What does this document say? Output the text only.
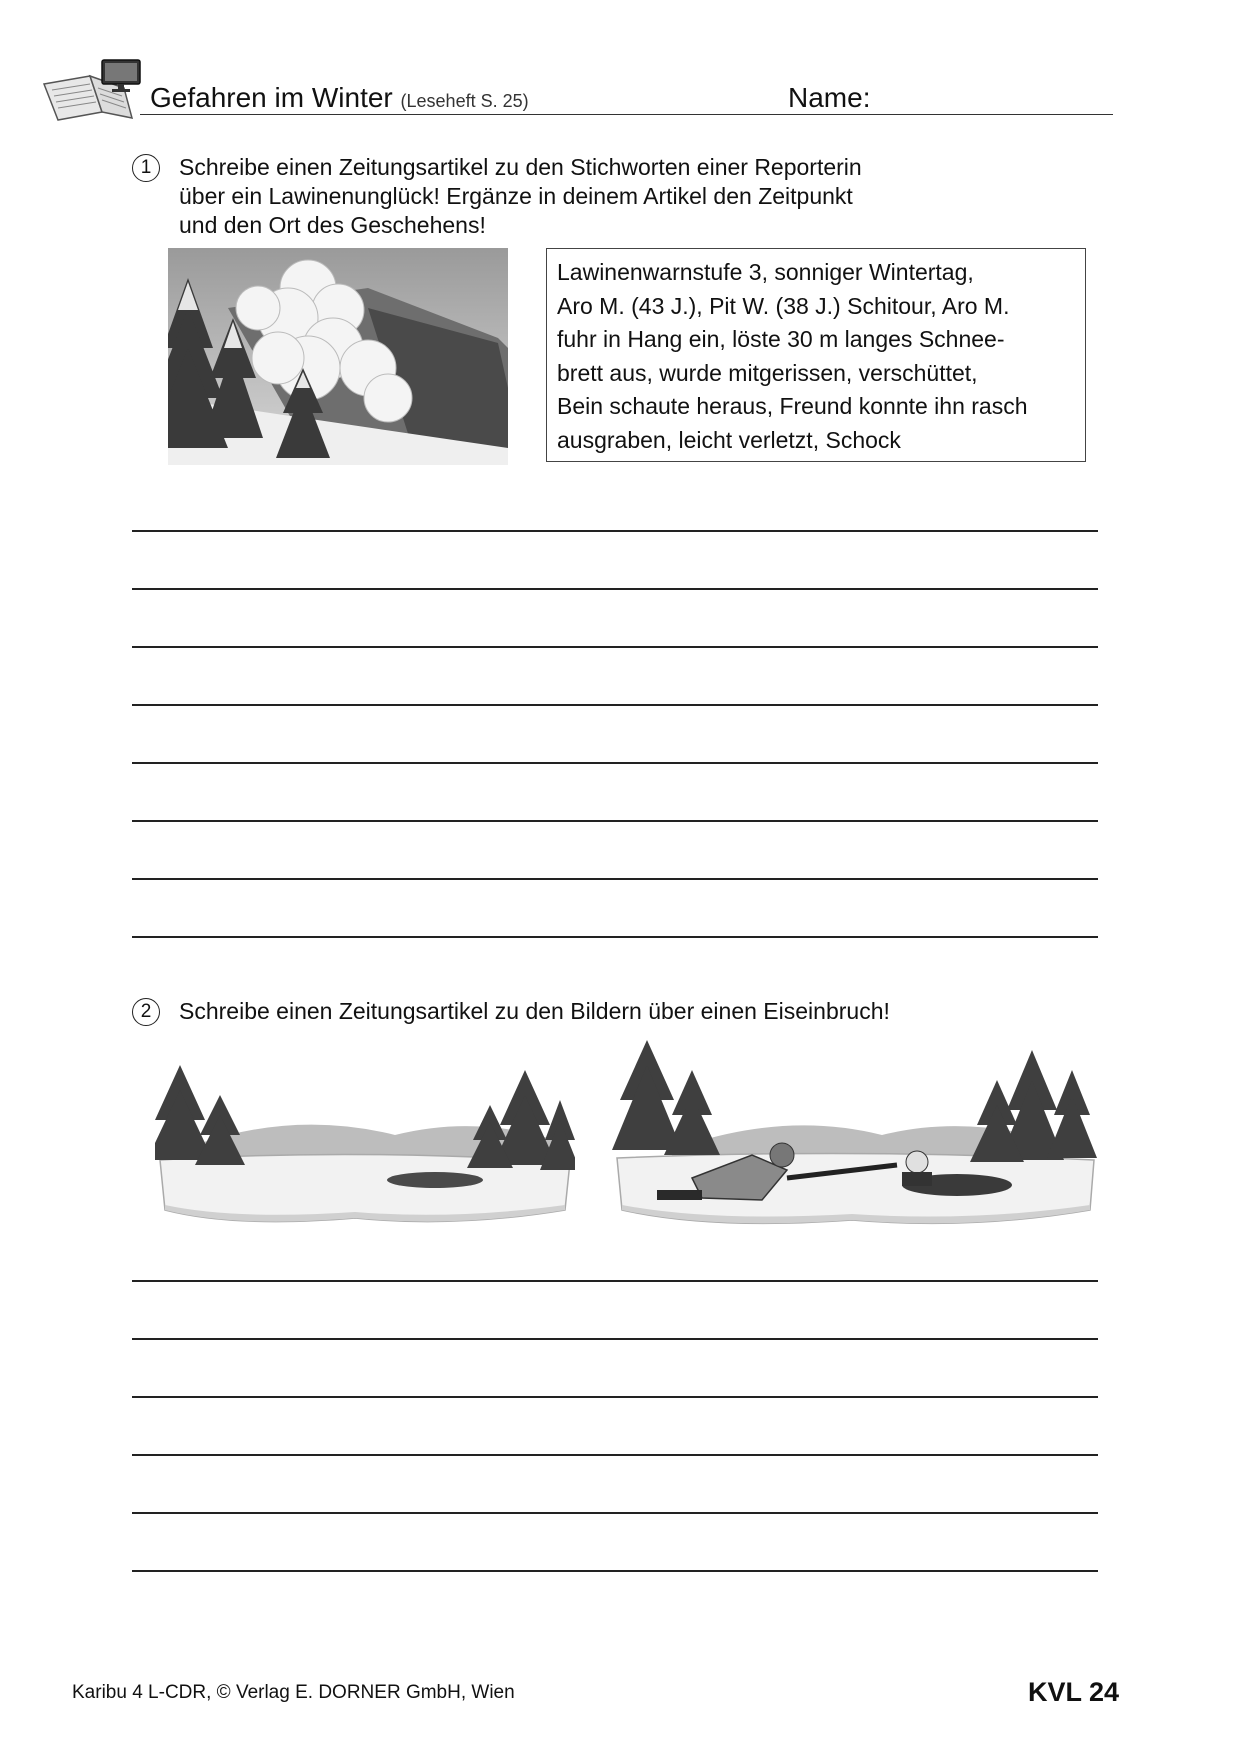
Gefahren im Winter (Leseheft S. 25)	Name:
1	Schreibe einen Zeitungsartikel zu den Stichworten einer Reporterin
über ein Lawinenunglück! Ergänze in deinem Artikel den Zeitpunkt
und den Ort des Geschehens!
Lawinenwarnstufe 3, sonniger Wintertag,
Aro M. (43 J.), Pit W. (38 J.) Schitour, Aro M.
fuhr in Hang ein, löste 30 m langes Schnee-
brett aus, wurde mitgerissen, verschüttet,
Bein schaute heraus, Freund konnte ihn rasch
ausgraben, leicht verletzt, Schock
2	Schreibe einen Zeitungsartikel zu den Bildern über einen Eiseinbruch!
Karibu 4 L-CDR, © Verlag E. DORNER GmbH, Wien	KVL 24
